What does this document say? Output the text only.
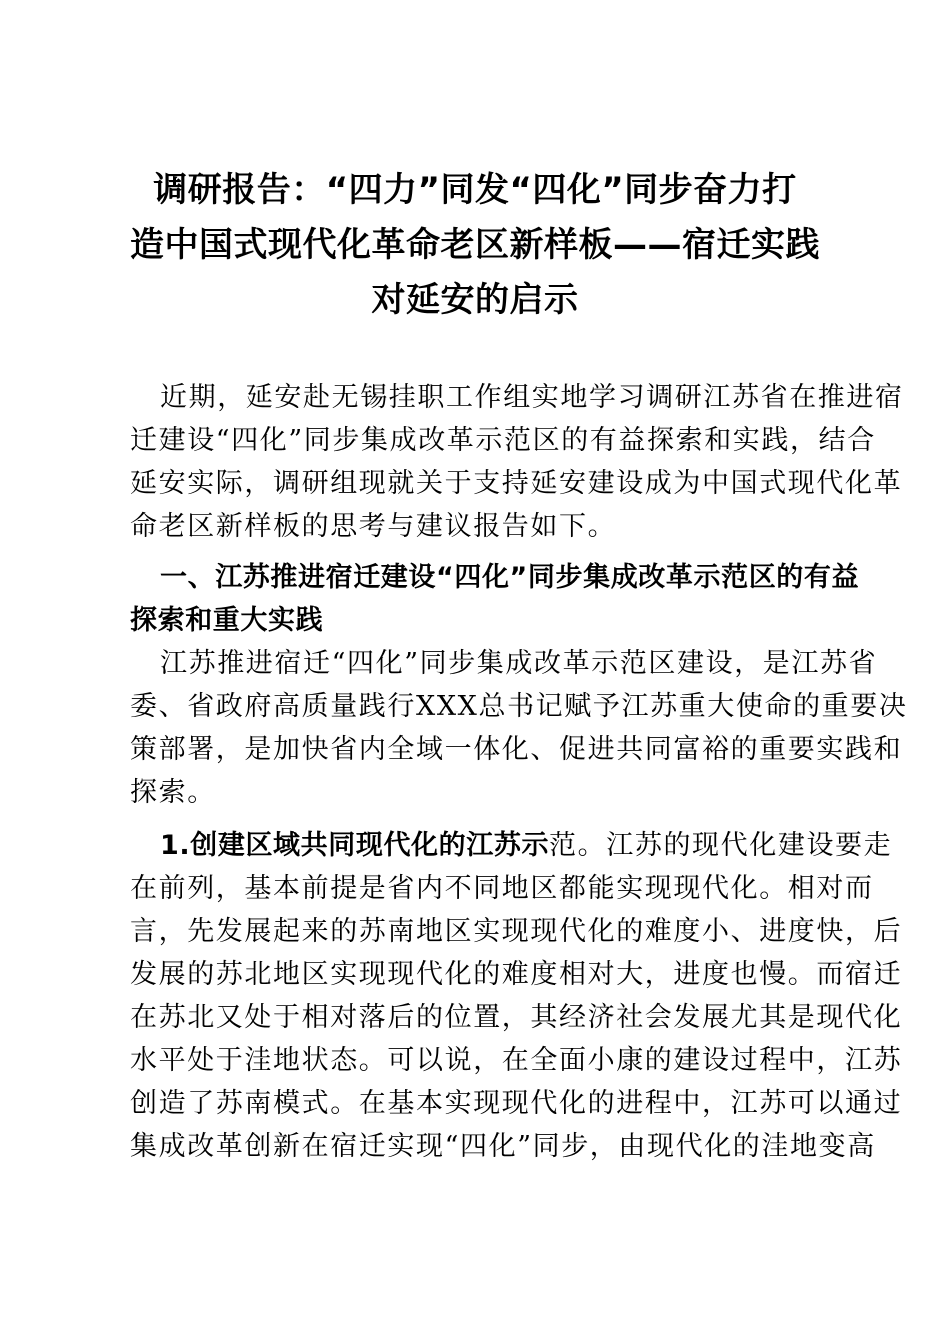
调研报告：“四力”同发“四化”同步奋力打
造中国式现代化革命老区新样板——宿迁实践
对延安的启示
近期，延安赴无锡挂职工作组实地学习调研江苏省在推进宿
迁建设“四化”同步集成改革示范区的有益探索和实践，结合
延安实际，调研组现就关于支持延安建设成为中国式现代化革
命老区新样板的思考与建议报告如下。
一、江苏推进宿迁建设“四化”同步集成改革示范区的有益
探索和重大实践
江苏推进宿迁“四化”同步集成改革示范区建设，是江苏省
委、省政府高质量践行XXX总书记赋予江苏重大使命的重要决
策部署，是加快省内全域一体化、促进共同富裕的重要实践和
探索。
1.创建区域共同现代化的江苏示范。江苏的现代化建设要走
在前列，基本前提是省内不同地区都能实现现代化。相对而
言，先发展起来的苏南地区实现现代化的难度小、进度快，后
发展的苏北地区实现现代化的难度相对大，进度也慢。而宿迁
在苏北又处于相对落后的位置，其经济社会发展尤其是现代化
水平处于洼地状态。可以说，在全面小康的建设过程中，江苏
创造了苏南模式。在基本实现现代化的进程中，江苏可以通过
集成改革创新在宿迁实现“四化”同步，由现代化的洼地变高
